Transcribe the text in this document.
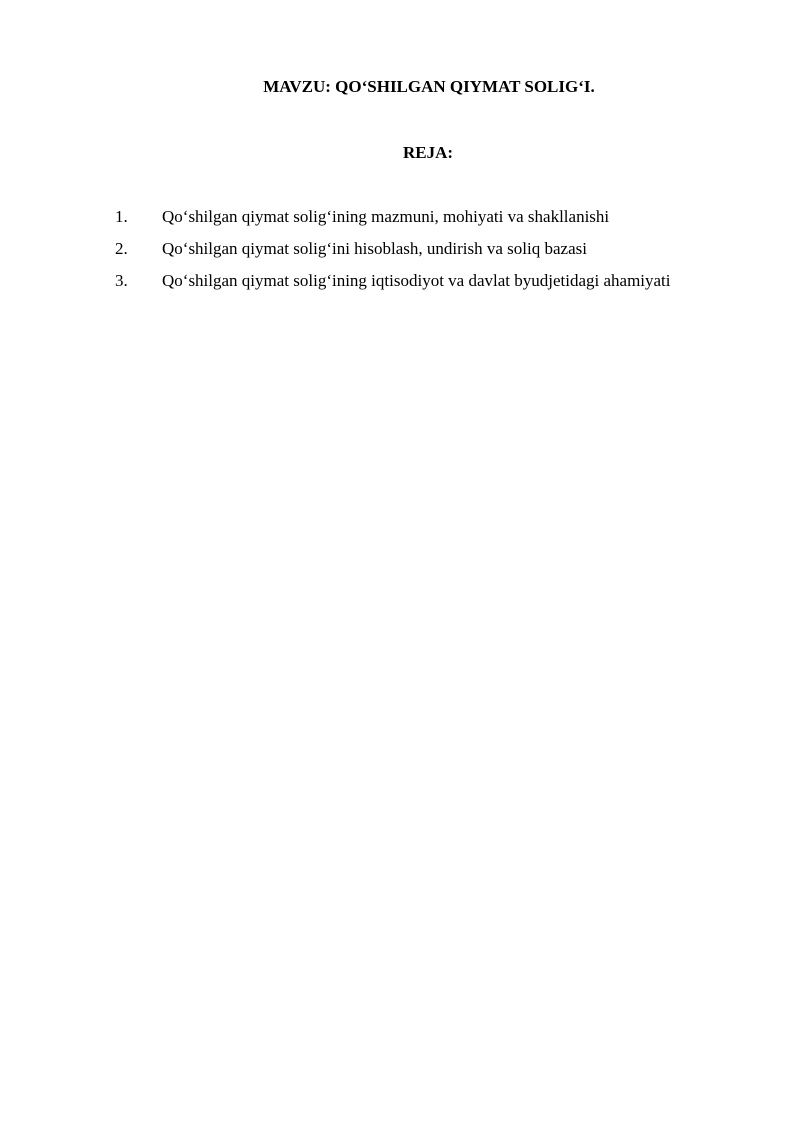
MAVZU: QO‘SHILGAN QIYMAT SOLIG‘I.
REJA:
1. Qo‘shilgan qiymat solig‘ining mazmuni, mohiyati va shakllanishi
2. Qo‘shilgan qiymat solig‘ini hisoblash, undirish va soliq bazasi
3. Qo‘shilgan qiymat solig‘ining iqtisodiyot va davlat byudjetidagi ahamiyati
